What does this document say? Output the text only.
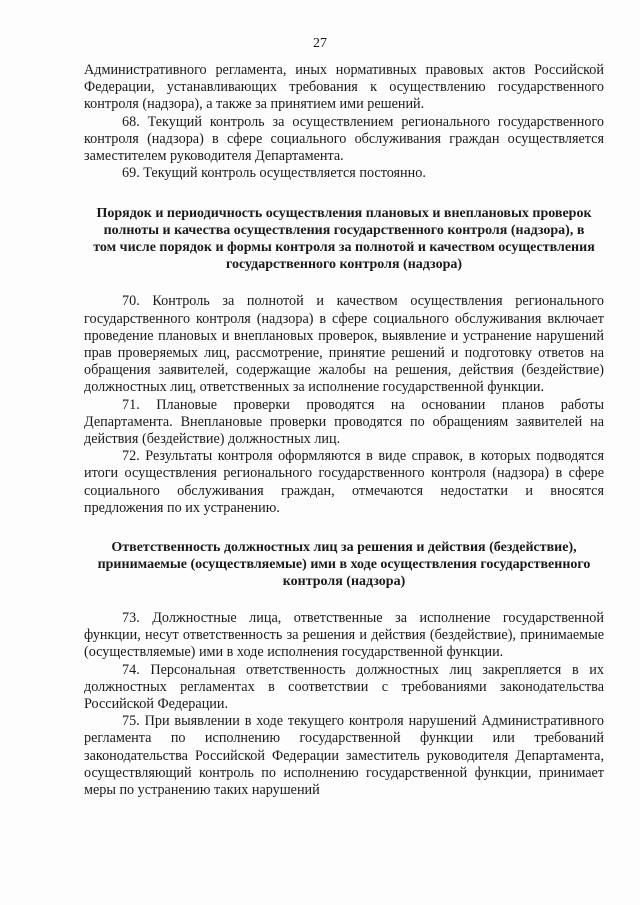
27

Административного регламента, иных нормативных правовых актов Российской Федерации, устанавливающих требования к осуществлению государственного контроля (надзора), а также за принятием ими решений.

68. Текущий контроль за осуществлением регионального государственного контроля (надзора) в сфере социального обслуживания граждан осуществляется заместителем руководителя Департамента.

69. Текущий контроль осуществляется постоянно.

Порядок и периодичность осуществления плановых и внеплановых проверок полноты и качества осуществления государственного контроля (надзора), в том числе порядок и формы контроля за полнотой и качеством осуществления государственного контроля (надзора)

70. Контроль за полнотой и качеством осуществления регионального государственного контроля (надзора) в сфере социального обслуживания включает проведение плановых и внеплановых проверок, выявление и устранение нарушений прав проверяемых лиц, рассмотрение, принятие решений и подготовку ответов на обращения заявителей, содержащие жалобы на решения, действия (бездействие) должностных лиц, ответственных за исполнение государственной функции.

71. Плановые проверки проводятся на основании планов работы Департамента. Внеплановые проверки проводятся по обращениям заявителей на действия (бездействие) должностных лиц.

72. Результаты контроля оформляются в виде справок, в которых подводятся итоги осуществления регионального государственного контроля (надзора) в сфере социального обслуживания граждан, отмечаются недостатки и вносятся предложения по их устранению.

Ответственность должностных лиц за решения и действия (бездействие), принимаемые (осуществляемые) ими в ходе осуществления государственного контроля (надзора)

73. Должностные лица, ответственные за исполнение государственной функции, несут ответственность за решения и действия (бездействие), принимаемые (осуществляемые) ими в ходе исполнения государственной функции.

74. Персональная ответственность должностных лиц закрепляется в их должностных регламентах в соответствии с требованиями законодательства Российской Федерации.

75. При выявлении в ходе текущего контроля нарушений Административного регламента по исполнению государственной функции или требований законодательства Российской Федерации заместитель руководителя Департамента, осуществляющий контроль по исполнению государственной функции, принимает меры по устранению таких нарушений
